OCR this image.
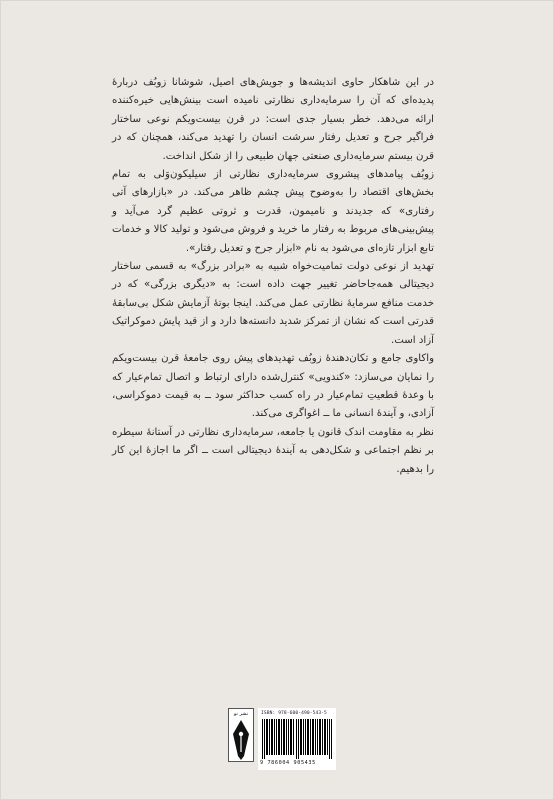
در این شاهکار حاوی اندیشه‌ها و جویش‌های اصیل، شوشانا زوبُف دربارهٔ پدیده‌ای که آن را سرمایه‌داری نظارتی نامیده است بینش‌هایی خیره‌کننده ارائه می‌دهد. خطر بسیار جدی است: در قرن بیست‌ویکم نوعی ساختار فراگیر جرح و تعدیل رفتار سرشت انسان را تهدید می‌کند، همچنان که در قرن بیستم سرمایه‌داری صنعتی جهان طبیعی را از شکل انداخت.

زوبُف پیامدهای پیشروی سرمایه‌داری نظارتی از سیلیکون‌وَلی به تمام بخش‌های اقتصاد را به‌وضوح پیش چشم ظاهر می‌کند. در «بازارهای آتی رفتاری» که جدیدند و نامیمون، قدرت و ثروتی عظیم گرد می‌آید و پیش‌بینی‌های مربوط به رفتار ما خرید و فروش می‌شود و تولید کالا و خدمات تابع ابزار تازه‌ای می‌شود به نام «ابزار جرح و تعدیل رفتار».

تهدید از نوعی دولت تمامیت‌خواه شبیه به «برادر بزرگ» به قسمی ساختار دیجیتالی همه‌جاحاضر تغییر جهت داده است: به «دیگری بزرگی» که در خدمت منافع سرمایهٔ نظارتی عمل می‌کند. اینجا بوتهٔ آزمایش شکل بی‌سابقهٔ قدرتی است که نشان از تمرکز شدید دانسته‌ها دارد و از قید پایش دموکراتیک آزاد است.

واکاوی جامع و تکان‌دهندهٔ زوبُف تهدیدهای پیش روی جامعهٔ قرن بیست‌ویکم را نمایان می‌سازد: «کندویی» کنترل‌شده دارای ارتباط و اتصال تمام‌عیار که با وعدهٔ قطعیتِ تمام‌عیار در راه کسب حداکثر سود ــ به قیمت دموکراسی، آزادی، و آیندهٔ انسانی ما ــ اغواگری می‌کند.

نظر به مقاومت اندک قانون یا جامعه، سرمایه‌داری نظارتی در آستانهٔ سیطره بر نظم اجتماعی و شکل‌دهی به آیندهٔ دیجیتالی است ــ اگر ما اجازهٔ این کار را بدهیم.

نشر نو	ISBN: 978-600-490-543-5
9 786004 905435
